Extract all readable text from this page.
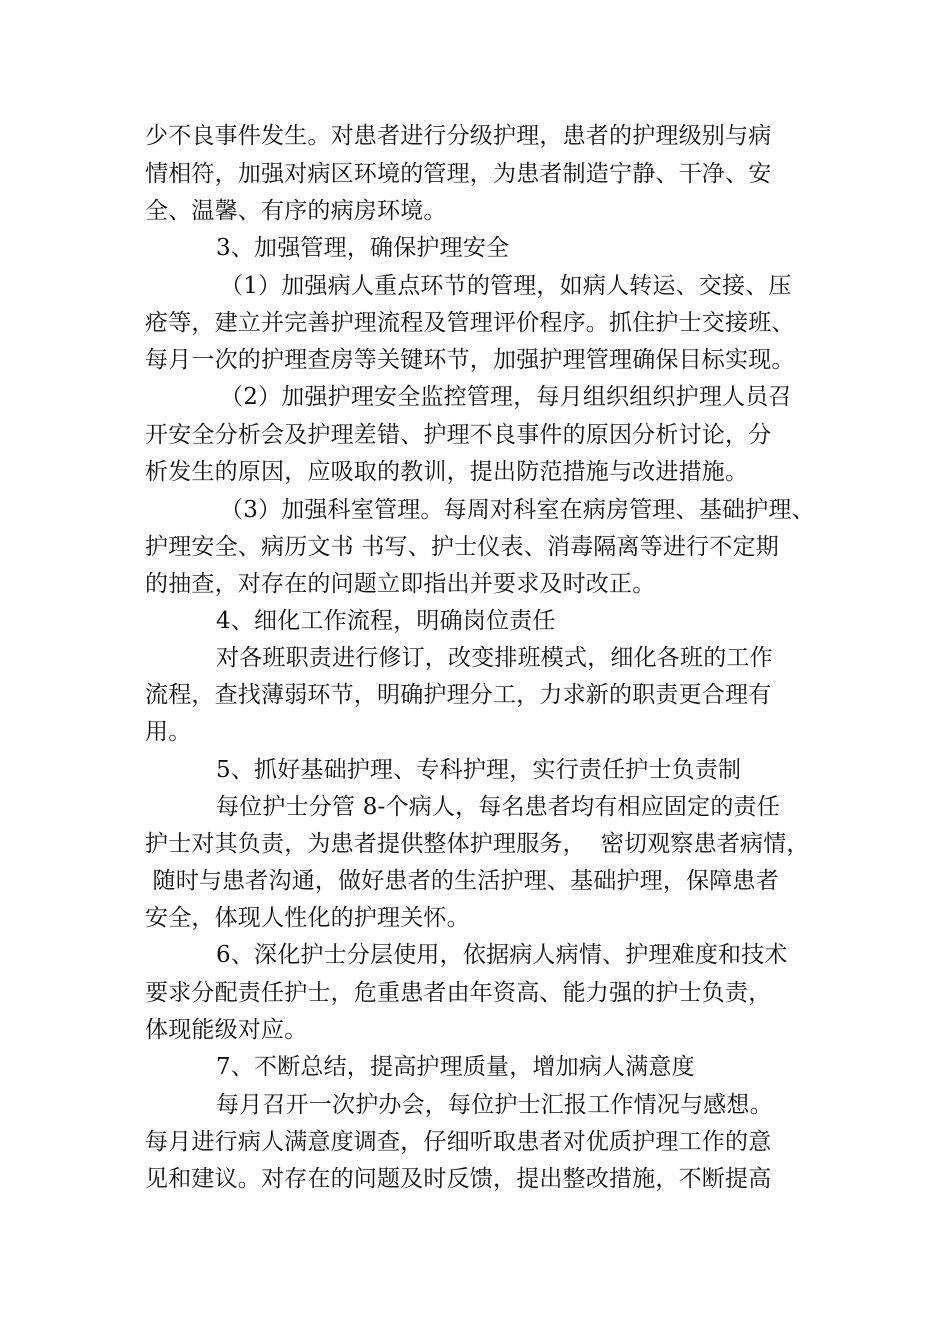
少不良事件发生。对患者进行分级护理，患者的护理级别与病
情相符，加强对病区环境的管理，为患者制造宁静、干净、安
全、温馨、有序的病房环境。
3、加强管理，确保护理安全
（1）加强病人重点环节的管理，如病人转运、交接、压
疮等，建立并完善护理流程及管理评价程序。抓住护士交接班、
每月一次的护理查房等关键环节，加强护理管理确保目标实现。
（2）加强护理安全监控管理，每月组织组织护理人员召
开安全分析会及护理差错、护理不良事件的原因分析讨论，分
析发生的原因，应吸取的教训，提出防范措施与改进措施。
（3）加强科室管理。每周对科室在病房管理、基础护理、
护理安全、病历文书 书写、护士仪表、消毒隔离等进行不定期
的抽查，对存在的问题立即指出并要求及时改正。
4、细化工作流程，明确岗位责任
对各班职责进行修订，改变排班模式，细化各班的工作
流程，查找薄弱环节，明确护理分工，力求新的职责更合理有
用。
5、抓好基础护理、专科护理，实行责任护士负责制
每位护士分管 8-个病人，每名患者均有相应固定的责任
护士对其负责，为患者提供整体护理服务，  密切观察患者病情，
随时与患者沟通，做好患者的生活护理、基础护理，保障患者
安全，体现人性化的护理关怀。
6、深化护士分层使用，依据病人病情、护理难度和技术
要求分配责任护士，危重患者由年资高、能力强的护士负责，
体现能级对应。
7、不断总结，提高护理质量，增加病人满意度
每月召开一次护办会，每位护士汇报工作情况与感想。
每月进行病人满意度调查，仔细听取患者对优质护理工作的意
见和建议。对存在的问题及时反馈，提出整改措施，不断提高
